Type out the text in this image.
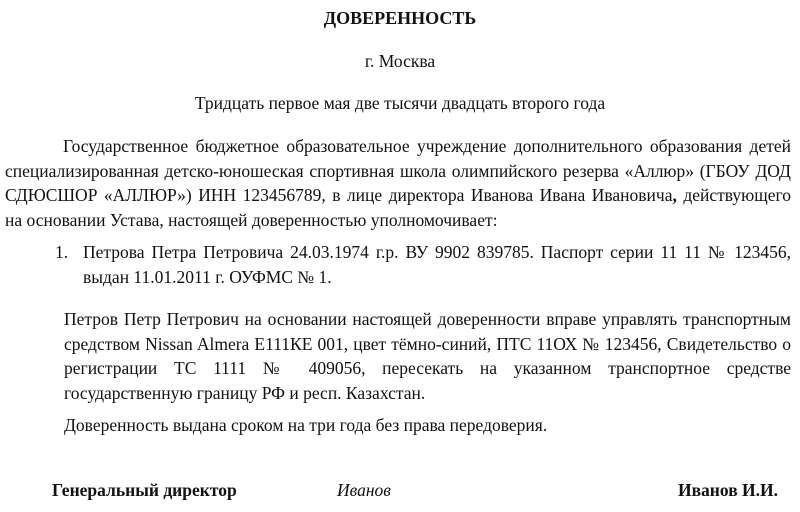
ДОВЕРЕННОСТЬ
г. Москва
Тридцать первое мая две тысячи двадцать второго года

Государственное бюджетное образовательное учреждение дополнительного образования детей специализированная детско-юношеская спортивная школа олимпийского резерва «Аллюр» (ГБОУ ДОД СДЮСШОР «АЛЛЮР») ИНН 123456789, в лице директора Иванова Ивана Ивановича, действующего на основании Устава, настоящей доверенностью уполномочивает:

1. Петрова Петра Петровича 24.03.1974 г.р. ВУ 9902 839785. Паспорт серии 11 11 № 123456, выдан 11.01.2011 г. ОУФМС № 1.

Петров Петр Петрович на основании настоящей доверенности вправе управлять транспортным средством Nissan Almera Е111КЕ 001, цвет тёмно-синий, ПТС 11ОХ № 123456, Свидетельство о регистрации ТС 1111 № 409056, пересекать на указанном транспортное средстве государственную границу РФ и респ. Казахстан.

Доверенность выдана сроком на три года без права передоверия.

Генеральный директор	Иванов	Иванов И.И.
